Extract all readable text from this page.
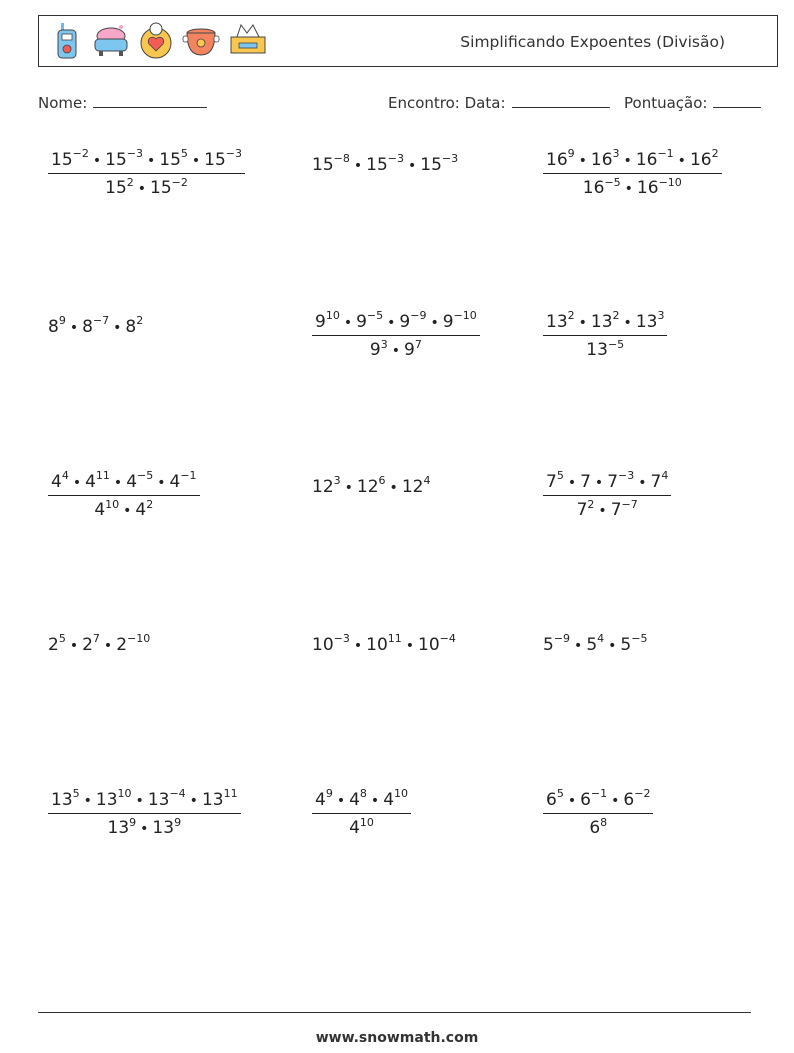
Simplificando Expoentes (Divisão)
Nome:	Encontro: Data:	Pontuação:
$\frac{15^{-2} • 15^{-3} • 15^5 • 15^{-3}}{15^2 • 15^{-2}}$	$15^{-8}$ • $15^{-3}$ • $15^{-3}$	$\frac{16^9 • 16^3 • 16^{-1} • 16^2}{16^{-5} • 16^{-10}}$
$8^9$ • $8^{-7}$ • $8^2$	$\frac{9^{10} • 9^{-5} • 9^{-9} • 9^{-10}}{9^3 • 9^7}$	$\frac{13^2 • 13^2 • 13^3}{13^{-5}}$
$\frac{4^4 • 4^{11} • 4^{-5} • 4^{-1}}{4^{10} • 4^2}$	$12^3$ • $12^6$ • $12^4$	$\frac{7^5 • 7 • 7^{-3} • 7^4}{7^2 • 7^{-7}}$
$2^5$ • $2^7$ • $2^{-10}$	$10^{-3}$ • $10^{11}$ • $10^{-4}$	$5^{-9}$ • $5^4$ • $5^{-5}$
$\frac{13^5 • 13^{10} • 13^{-4} • 13^{11}}{13^9 • 13^9}$	$\frac{4^9 • 4^8 • 4^{10}}{4^{10}}$	$\frac{6^5 • 6^{-1} • 6^{-2}}{6^8}$
www.snowmath.com
